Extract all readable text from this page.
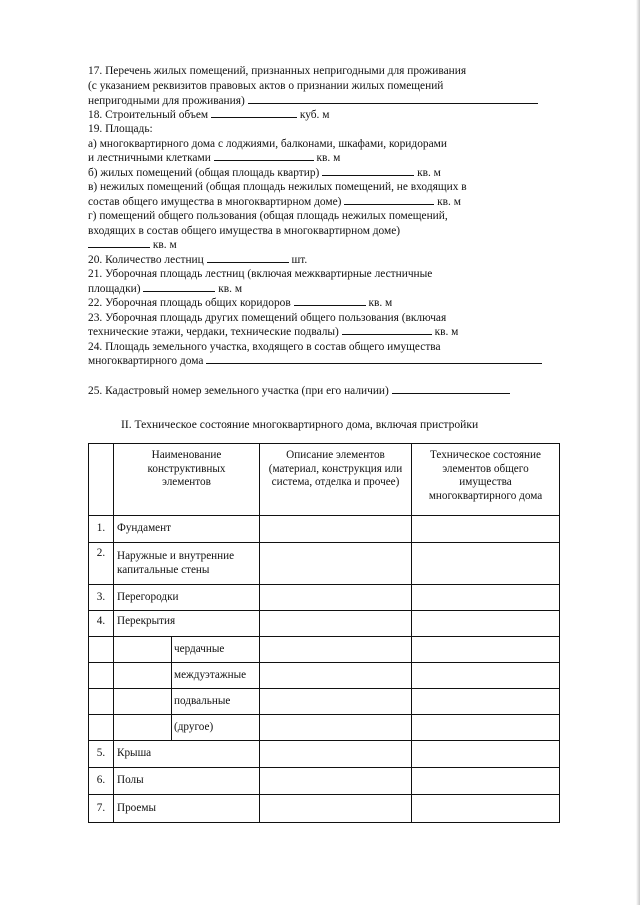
17. Перечень жилых помещений, признанных непригодными для проживания
(с указанием реквизитов правовых актов о признании жилых помещений
непригодными для проживания)
18. Строительный объем	куб. м
19. Площадь:
а) многоквартирного дома с лоджиями, балконами, шкафами, коридорами
и лестничными клетками	кв. м
б) жилых помещений (общая площадь квартир)	кв. м
в) нежилых помещений (общая площадь нежилых помещений, не входящих в
состав общего имущества в многоквартирном доме)	кв. м
г) помещений общего пользования (общая площадь нежилых помещений,
входящих в состав общего имущества в многоквартирном доме)
кв. м
20. Количество лестниц	шт.
21. Уборочная площадь лестниц (включая межквартирные лестничные
площадки)	кв. м
22. Уборочная площадь общих коридоров	кв. м
23. Уборочная площадь других помещений общего пользования (включая
технические этажи, чердаки, технические подвалы)	кв. м
24. Площадь земельного участка, входящего в состав общего имущества
многоквартирного дома
25. Кадастровый номер земельного участка (при его наличии)
II. Техническое состояние многоквартирного дома, включая пристройки
	Наименование конструктивных элементов		Описание элементов (материал, конструкция или система, отделка и прочее)	Техническое состояние элементов общего имущества многоквартирного дома
1.	Фундамент			
2.	Наружные и внутренние капитальные стены			
3.	Перегородки			
4.	Перекрытия			
		чердачные		
		междуэтажные		
		подвальные		
		(другое)		
5.	Крыша			
6.	Полы			
7.	Проемы			
